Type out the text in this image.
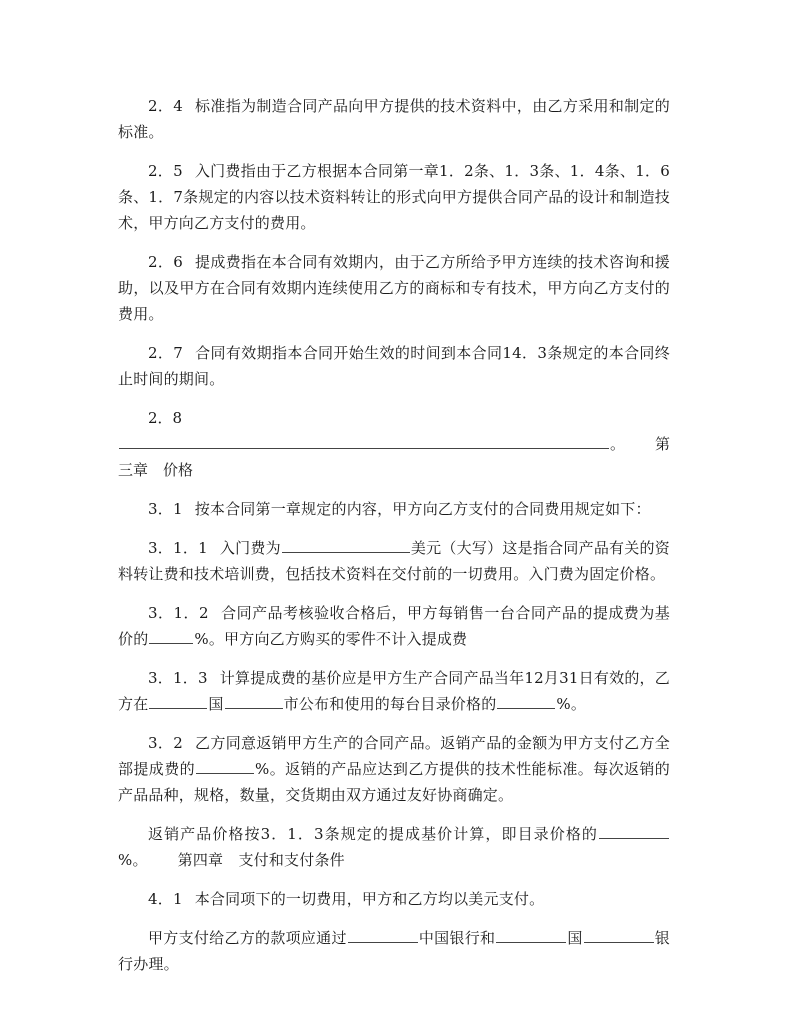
2．4 标准指为制造合同产品向甲方提供的技术资料中，由乙方采用和制定的标准。

2．5 入门费指由于乙方根据本合同第一章1．2条、1．3条、1．4条、1．6条、1．7条规定的内容以技术资料转让的形式向甲方提供合同产品的设计和制造技术，甲方向乙方支付的费用。

2．6 提成费指在本合同有效期内，由于乙方所给予甲方连续的技术咨询和援助，以及甲方在合同有效期内连续使用乙方的商标和专有技术，甲方向乙方支付的费用。

2．7 合同有效期指本合同开始生效的时间到本合同14．3条规定的本合同终止时间的期间。

2．8
。 第
三章　价格

3．1 按本合同第一章规定的内容，甲方向乙方支付的合同费用规定如下：

3．1．1 入门费为	美元（大写）这是指合同产品有关的资料转让费和技术培训费，包括技术资料在交付前的一切费用。入门费为固定价格。

3．1．2 合同产品考核验收合格后，甲方每销售一台合同产品的提成费为基价的	%。甲方向乙方购买的零件不计入提成费

3．1．3 计算提成费的基价应是甲方生产合同产品当年12月31日有效的，乙方在	国	市公布和使用的每台目录价格的	%。

3．2 乙方同意返销甲方生产的合同产品。返销产品的金额为甲方支付乙方全部提成费的	%。返销的产品应达到乙方提供的技术性能标准。每次返销的产品品种，规格，数量，交货期由双方通过友好协商确定。

返销产品价格按3．1．3条规定的提成基价计算，即目录价格的%。 第四章　支付和支付条件

4．1 本合同项下的一切费用，甲方和乙方均以美元支付。

甲方支付给乙方的款项应通过	中国银行和	国	银行办理。
